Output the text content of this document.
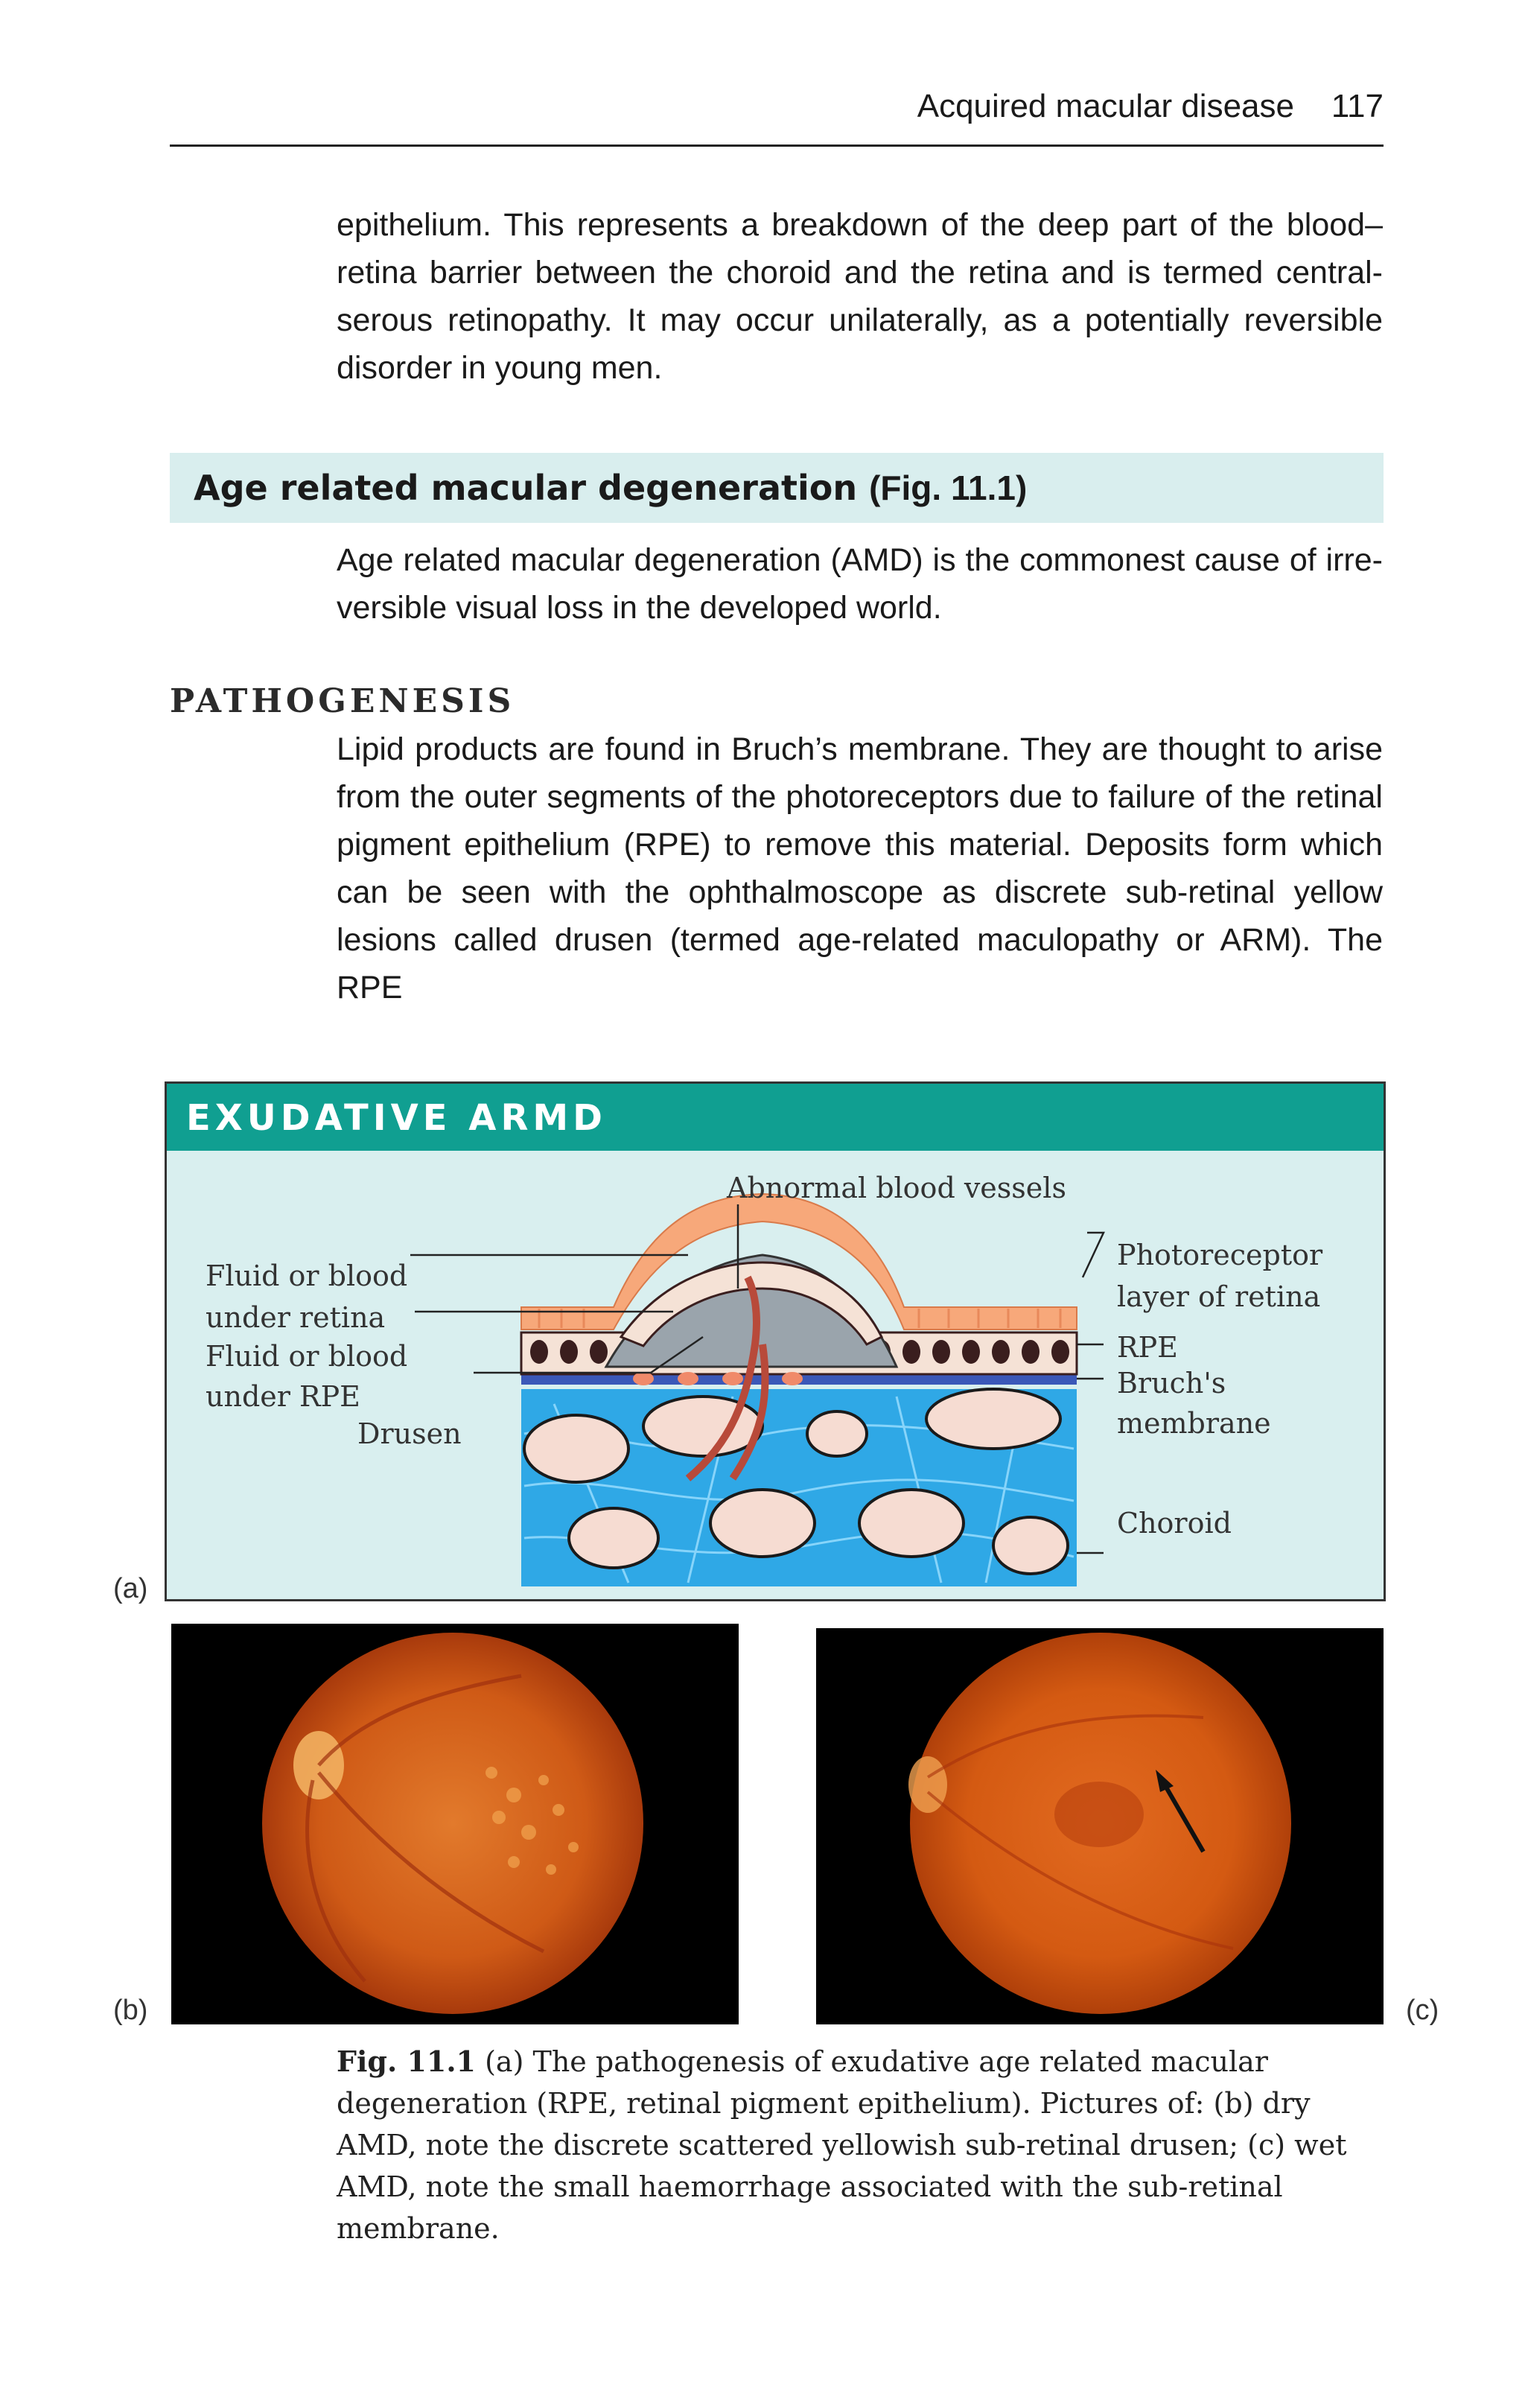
Acquired macular disease 117
epithelium. This represents a breakdown of the deep part of the blood–retina barrier between the choroid and the retina and is termed central-serous retinopathy. It may occur unilaterally, as a potentially reversible disorder in young men.
Age related macular degeneration (Fig. 11.1)
Age related macular degeneration (AMD) is the commonest cause of irre-versible visual loss in the developed world.
PATHOGENESIS
Lipid products are found in Bruch’s membrane. They are thought to arise from the outer segments of the photoreceptors due to failure of the retinal pigment epithelium (RPE) to remove this material. Deposits form which can be seen with the ophthalmoscope as discrete sub-retinal yellow lesions called drusen (termed age-related maculopathy or ARM). The RPE
EXUDATIVE ARMD
Abnormal blood vessels
Fluid or blood
under retina
Fluid or blood
under RPE
Drusen
Photoreceptor
layer of retina
RPE
Bruch's
membrane
Choroid
(a)
(b)	(c)
Fig. 11.1 (a) The pathogenesis of exudative age related macular degeneration (RPE, retinal pigment epithelium). Pictures of: (b) dry AMD, note the discrete scattered yellowish sub-retinal drusen; (c) wet AMD, note the small haemorrhage associated with the sub-retinal membrane.
